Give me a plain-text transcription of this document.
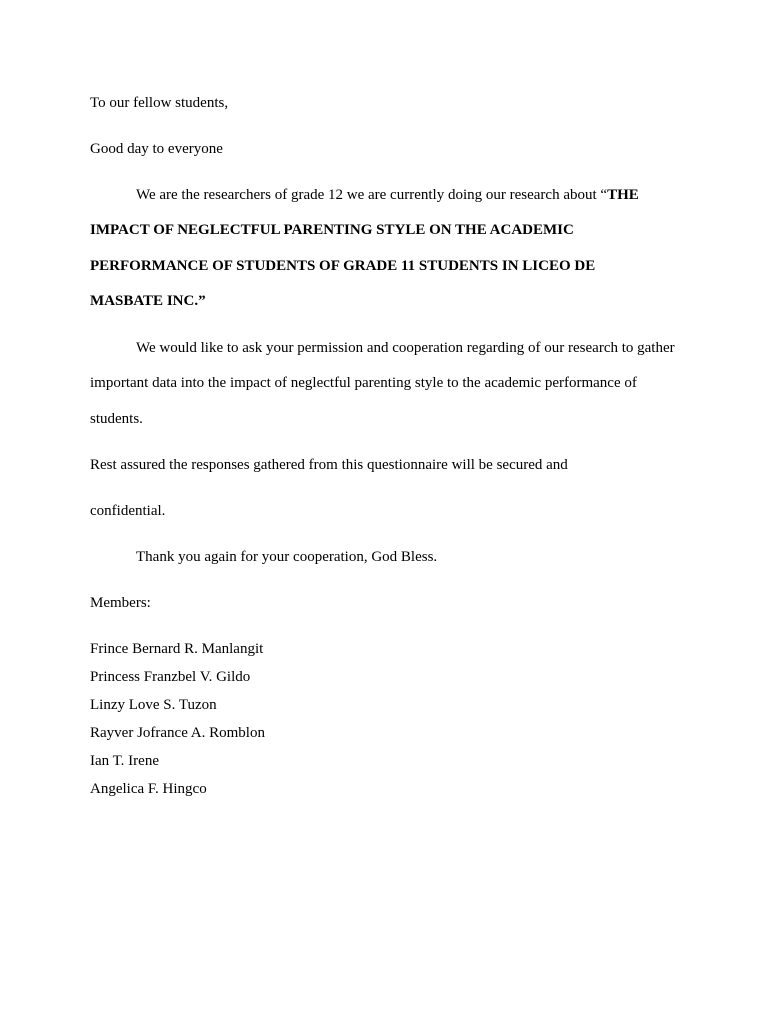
To our fellow students,
Good day to everyone
We are the researchers of grade 12 we are currently doing our research about “THE
IMPACT OF NEGLECTFUL PARENTING STYLE ON THE ACADEMIC
PERFORMANCE OF STUDENTS OF GRADE 11 STUDENTS IN LICEO DE
MASBATE INC.”
We would like to ask your permission and cooperation regarding of our research to gather
important data into the impact of neglectful parenting style to the academic performance of
students.
Rest assured the responses gathered from this questionnaire will be secured and
confidential.
Thank you again for your cooperation, God Bless.
Members:
Frince Bernard R. Manlangit
Princess Franzbel V. Gildo
Linzy Love S. Tuzon
Rayver Jofrance A. Romblon
Ian T. Irene
Angelica F. Hingco
